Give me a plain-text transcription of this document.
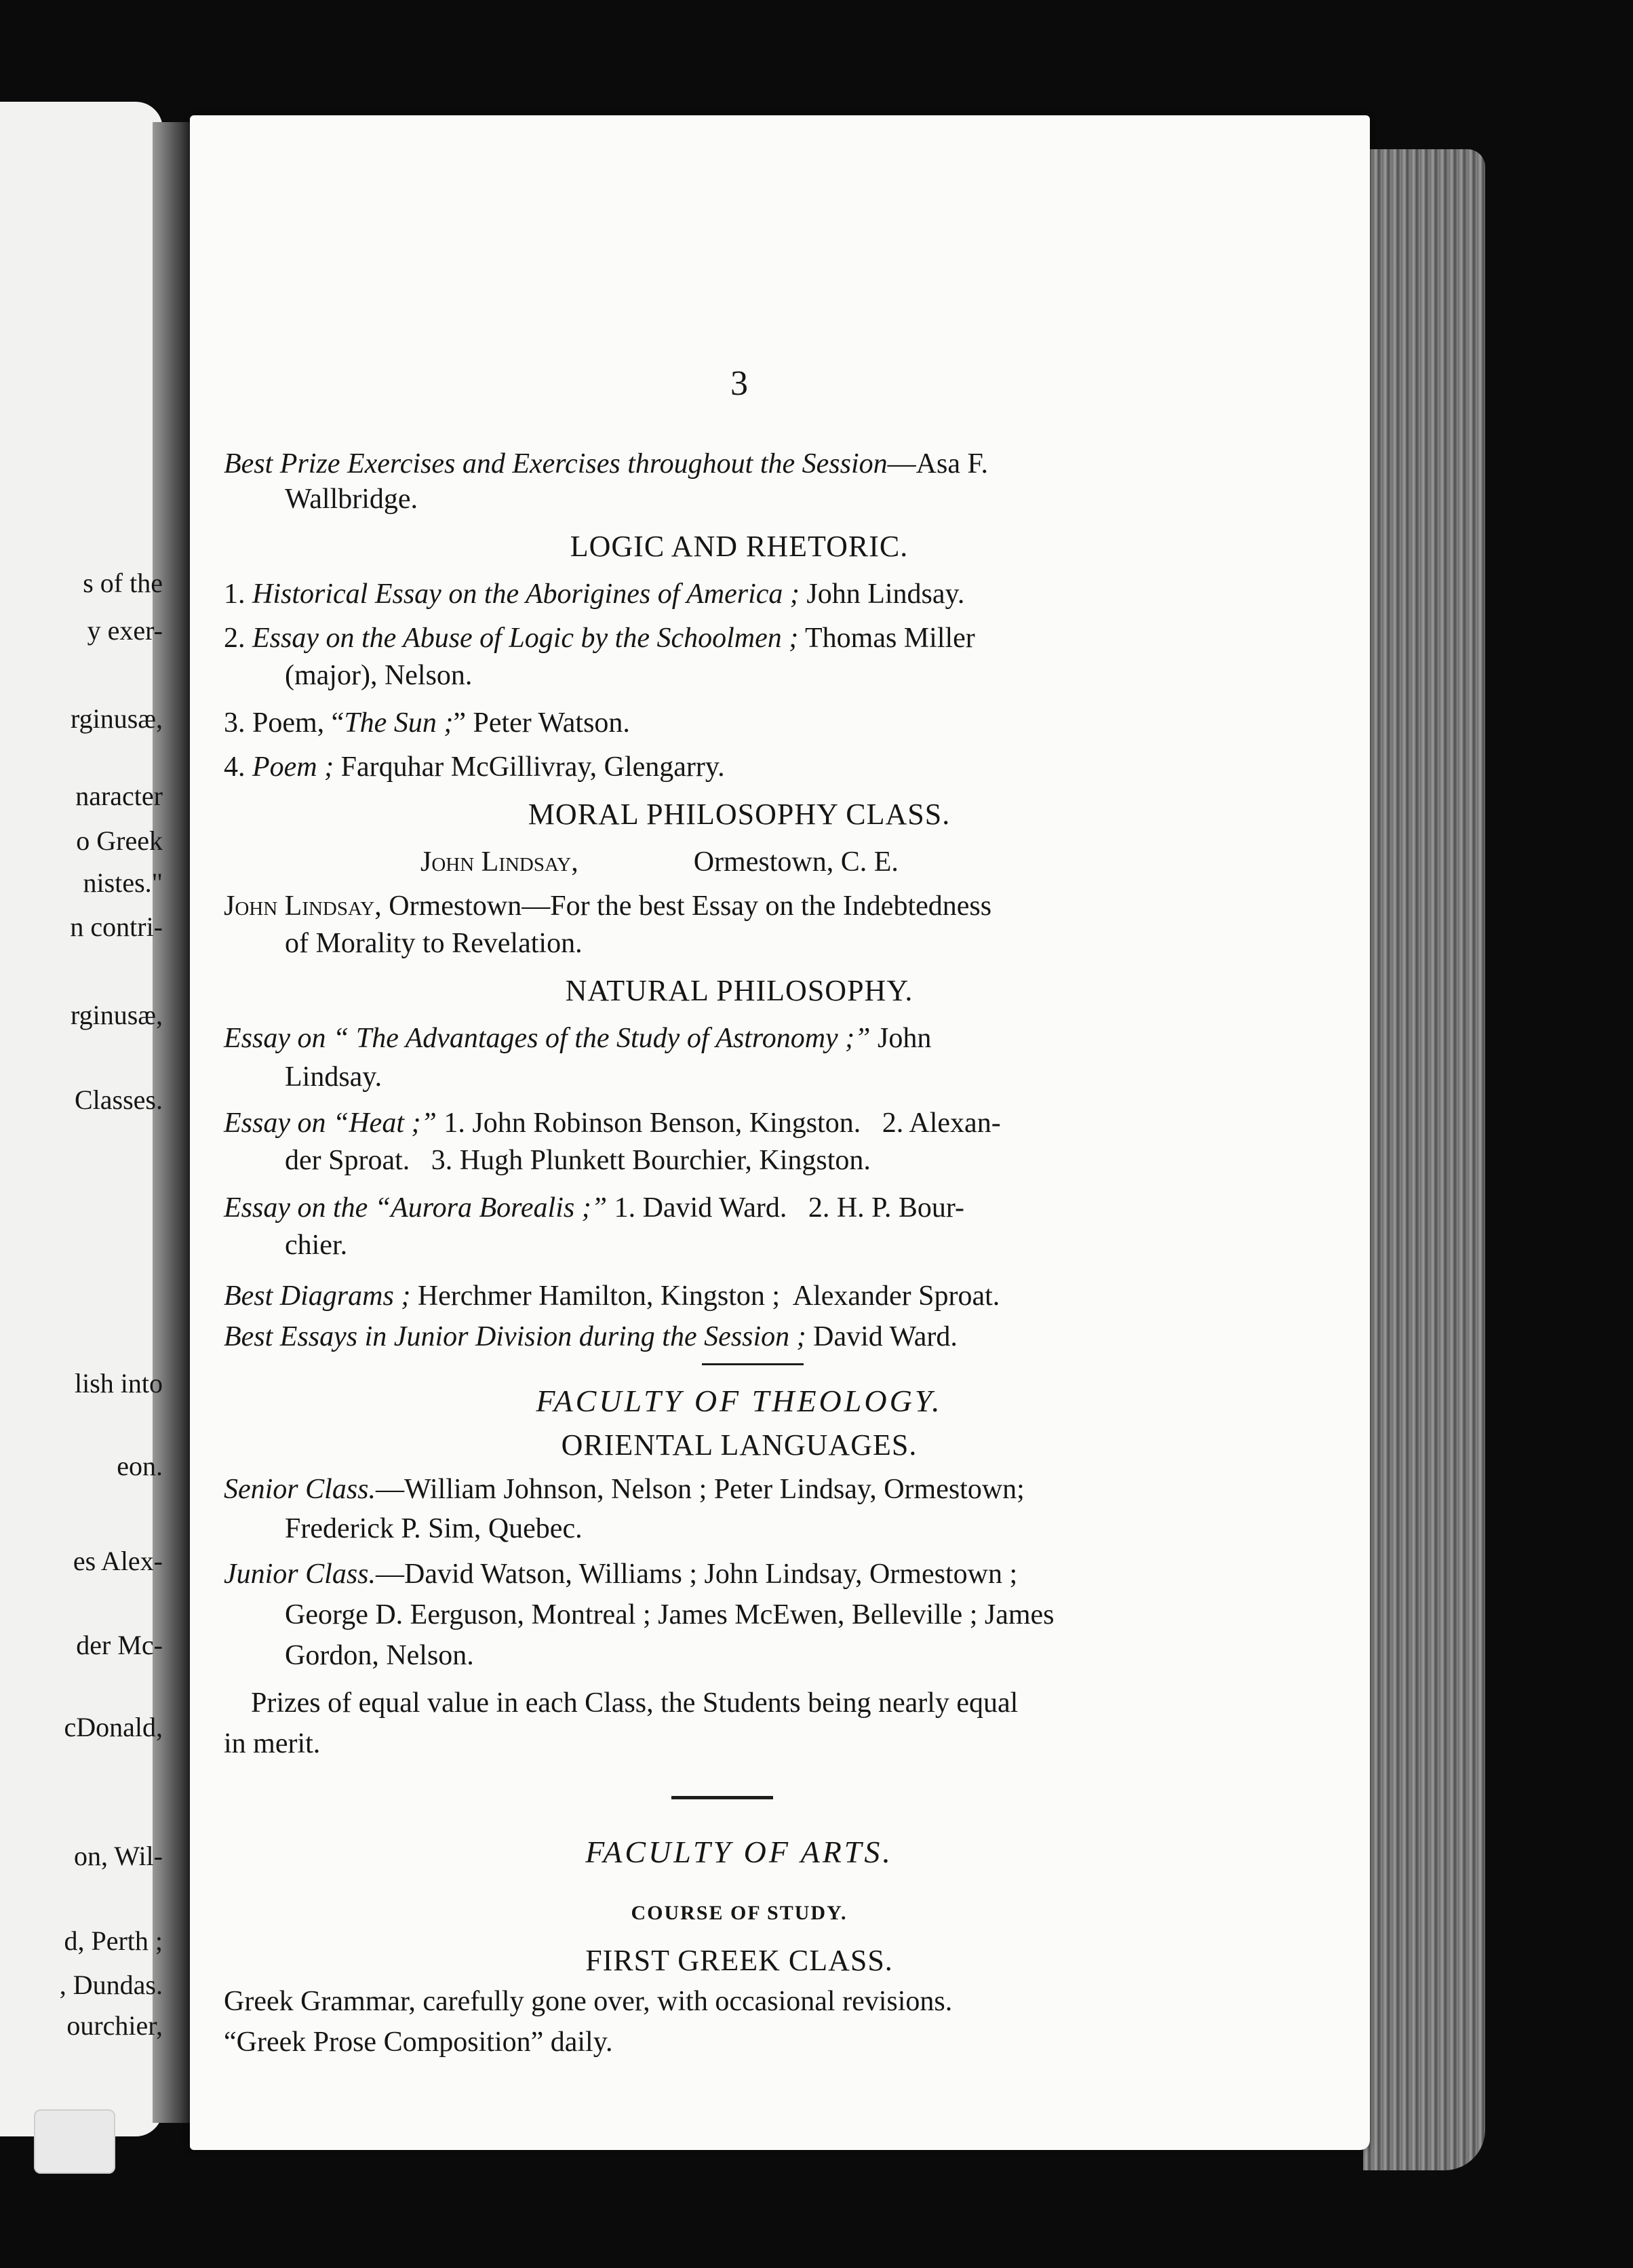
s of the
y exer-
rginusæ,
naracter
o Greek
nistes."
n contri-
rginusæ,
Classes.
lish into
eon.
es Alex-
der Mc-
cDonald,
on, Wil-
d, Perth ;
, Dundas.
ourchier,
3
Best Prize Exercises and Exercises throughout the Session—Asa F.
Wallbridge.
LOGIC AND RHETORIC.
1. Historical Essay on the Aborigines of America ; John Lindsay.
2. Essay on the Abuse of Logic by the Schoolmen ; Thomas Miller
(major), Nelson.
3. Poem, “The Sun ;” Peter Watson.
4. Poem ; Farquhar McGillivray, Glengarry.
MORAL PHILOSOPHY CLASS.
John Lindsay,	Ormestown, C. E.
John Lindsay, Ormestown—For the best Essay on the Indebtedness
of Morality to Revelation.
NATURAL PHILOSOPHY.
Essay on “ The Advantages of the Study of Astronomy ;” John
Lindsay.
Essay on “Heat ;” 1. John Robinson Benson, Kingston.   2. Alexan-
der Sproat.   3. Hugh Plunkett Bourchier, Kingston.
Essay on the “Aurora Borealis ;” 1. David Ward.   2. H. P. Bour-
chier.
Best Diagrams ; Herchmer Hamilton, Kingston ;  Alexander Sproat.
Best Essays in Junior Division during the Session ; David Ward.
FACULTY OF THEOLOGY.
ORIENTAL LANGUAGES.
Senior Class.—William Johnson, Nelson ; Peter Lindsay, Ormestown;
Frederick P. Sim, Quebec.
Junior Class.—David Watson, Williams ; John Lindsay, Ormestown ;
George D. Eerguson, Montreal ; James McEwen, Belleville ; James
Gordon, Nelson.
Prizes of equal value in each Class, the Students being nearly equal
in merit.
FACULTY OF ARTS.
COURSE OF STUDY.
FIRST GREEK CLASS.
Greek Grammar, carefully gone over, with occasional revisions.
“Greek Prose Composition” daily.
